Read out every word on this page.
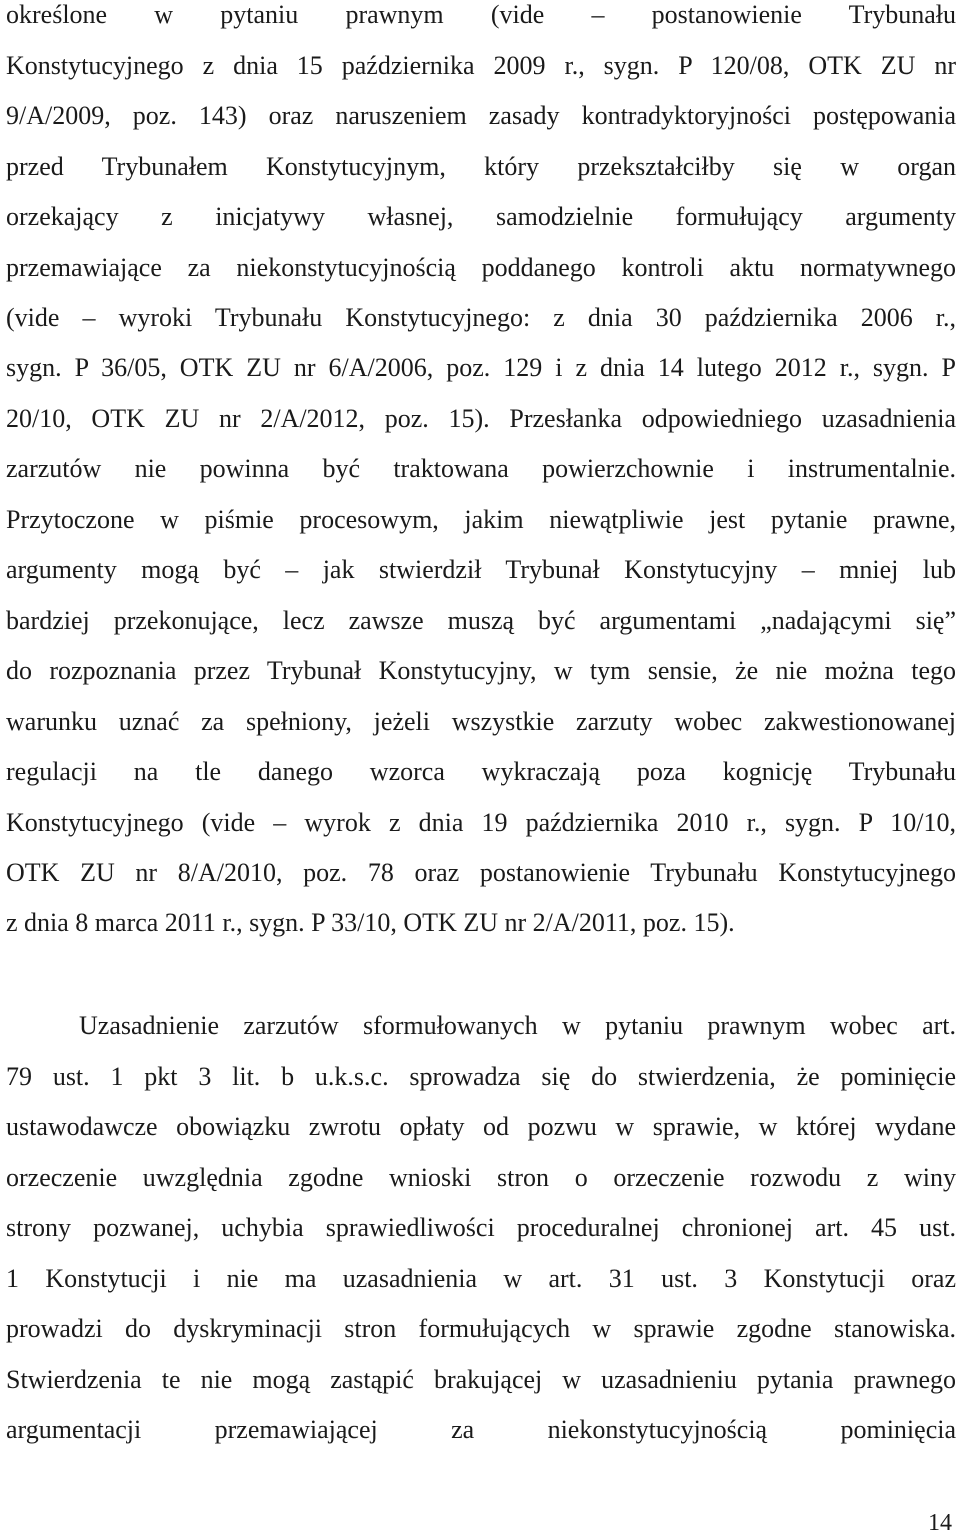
określone w pytaniu prawnym (vide – postanowienie Trybunału
Konstytucyjnego z dnia 15 października 2009 r., sygn. P 120/08, OTK ZU nr
9/A/2009, poz. 143) oraz naruszeniem zasady kontradyktoryjności postępowania
przed Trybunałem Konstytucyjnym, który przekształciłby się w organ
orzekający z inicjatywy własnej, samodzielnie formułujący argumenty
przemawiające za niekonstytucyjnością poddanego kontroli aktu normatywnego
(vide – wyroki Trybunału Konstytucyjnego: z dnia 30 października 2006 r.,
sygn. P 36/05, OTK ZU nr 6/A/2006, poz. 129 i z dnia 14 lutego 2012 r., sygn. P
20/10, OTK ZU nr 2/A/2012, poz. 15). Przesłanka odpowiedniego uzasadnienia
zarzutów nie powinna być traktowana powierzchownie i instrumentalnie.
Przytoczone w piśmie procesowym, jakim niewątpliwie jest pytanie prawne,
argumenty mogą być – jak stwierdził Trybunał Konstytucyjny – mniej lub
bardziej przekonujące, lecz zawsze muszą być argumentami „nadającymi się”
do rozpoznania przez Trybunał Konstytucyjny, w tym sensie, że nie można tego
warunku uznać za spełniony, jeżeli wszystkie zarzuty wobec zakwestionowanej
regulacji na tle danego wzorca wykraczają poza kognicję Trybunału
Konstytucyjnego (vide – wyrok z dnia 19 października 2010 r., sygn. P 10/10,
OTK ZU nr 8/A/2010, poz. 78 oraz postanowienie Trybunału Konstytucyjnego
z dnia 8 marca 2011 r., sygn. P 33/10, OTK ZU nr 2/A/2011, poz. 15).
Uzasadnienie zarzutów sformułowanych w pytaniu prawnym wobec art.
79 ust. 1 pkt 3 lit. b u.k.s.c. sprowadza się do stwierdzenia, że pominięcie
ustawodawcze obowiązku zwrotu opłaty od pozwu w sprawie, w której wydane
orzeczenie uwzględnia zgodne wnioski stron o orzeczenie rozwodu z winy
strony pozwanej, uchybia sprawiedliwości proceduralnej chronionej art. 45 ust.
1 Konstytucji i nie ma uzasadnienia w art. 31 ust. 3 Konstytucji oraz
prowadzi do dyskryminacji stron formułujących w sprawie zgodne stanowiska.
Stwierdzenia te nie mogą zastąpić brakującej w uzasadnieniu pytania prawnego
argumentacji przemawiającej za niekonstytucyjnością pominięcia
14
